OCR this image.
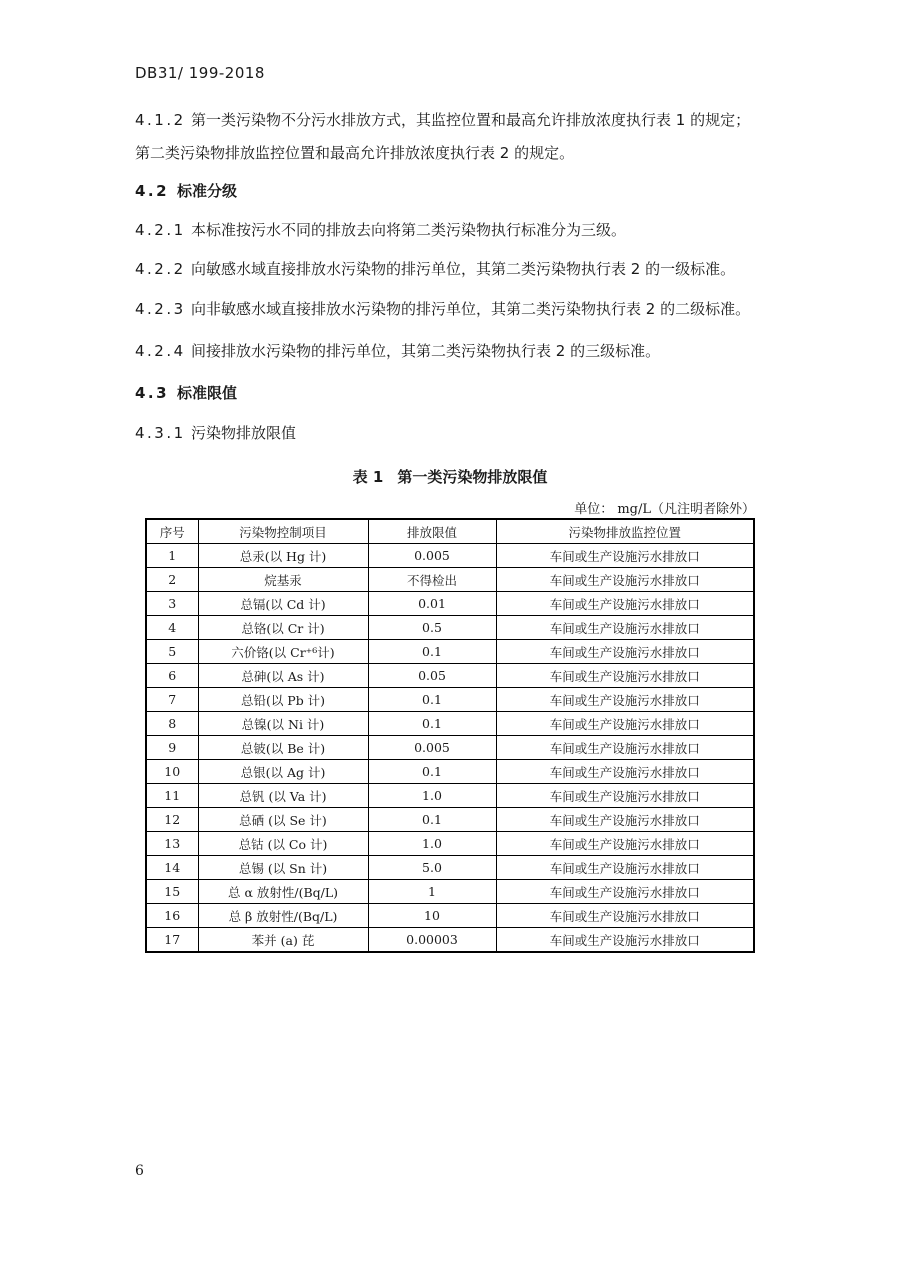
DB31/ 199-2018
4.1.2 第一类污染物不分污水排放方式，其监控位置和最高允许排放浓度执行表 1 的规定；
第二类污染物排放监控位置和最高允许排放浓度执行表 2 的规定。
4.2 标准分级
4.2.1 本标准按污水不同的排放去向将第二类污染物执行标准分为三级。
4.2.2 向敏感水域直接排放水污染物的排污单位，其第二类污染物执行表 2 的一级标准。
4.2.3 向非敏感水域直接排放水污染物的排污单位，其第二类污染物执行表 2 的二级标准。
4.2.4 间接排放水污染物的排污单位，其第二类污染物执行表 2 的三级标准。
4.3 标准限值
4.3.1 污染物排放限值
表 1 第一类污染物排放限值
单位： mg/L（凡注明者除外）
序号	污染物控制项目	排放限值	污染物排放监控位置
1	总汞(以 Hg 计)	0.005	车间或生产设施污水排放口
2	烷基汞	不得检出	车间或生产设施污水排放口
3	总镉(以 Cd 计)	0.01	车间或生产设施污水排放口
4	总铬(以 Cr 计)	0.5	车间或生产设施污水排放口
5	六价铬(以 Cr⁺⁶计)	0.1	车间或生产设施污水排放口
6	总砷(以 As 计)	0.05	车间或生产设施污水排放口
7	总铅(以 Pb 计)	0.1	车间或生产设施污水排放口
8	总镍(以 Ni 计)	0.1	车间或生产设施污水排放口
9	总铍(以 Be 计)	0.005	车间或生产设施污水排放口
10	总银(以 Ag 计)	0.1	车间或生产设施污水排放口
11	总钒 (以 Va 计)	1.0	车间或生产设施污水排放口
12	总硒 (以 Se 计)	0.1	车间或生产设施污水排放口
13	总钴 (以 Co 计)	1.0	车间或生产设施污水排放口
14	总锡 (以 Sn 计)	5.0	车间或生产设施污水排放口
15	总 α 放射性/(Bq/L)	1	车间或生产设施污水排放口
16	总 β 放射性/(Bq/L)	10	车间或生产设施污水排放口
17	苯并 (a) 芘	0.00003	车间或生产设施污水排放口
6
